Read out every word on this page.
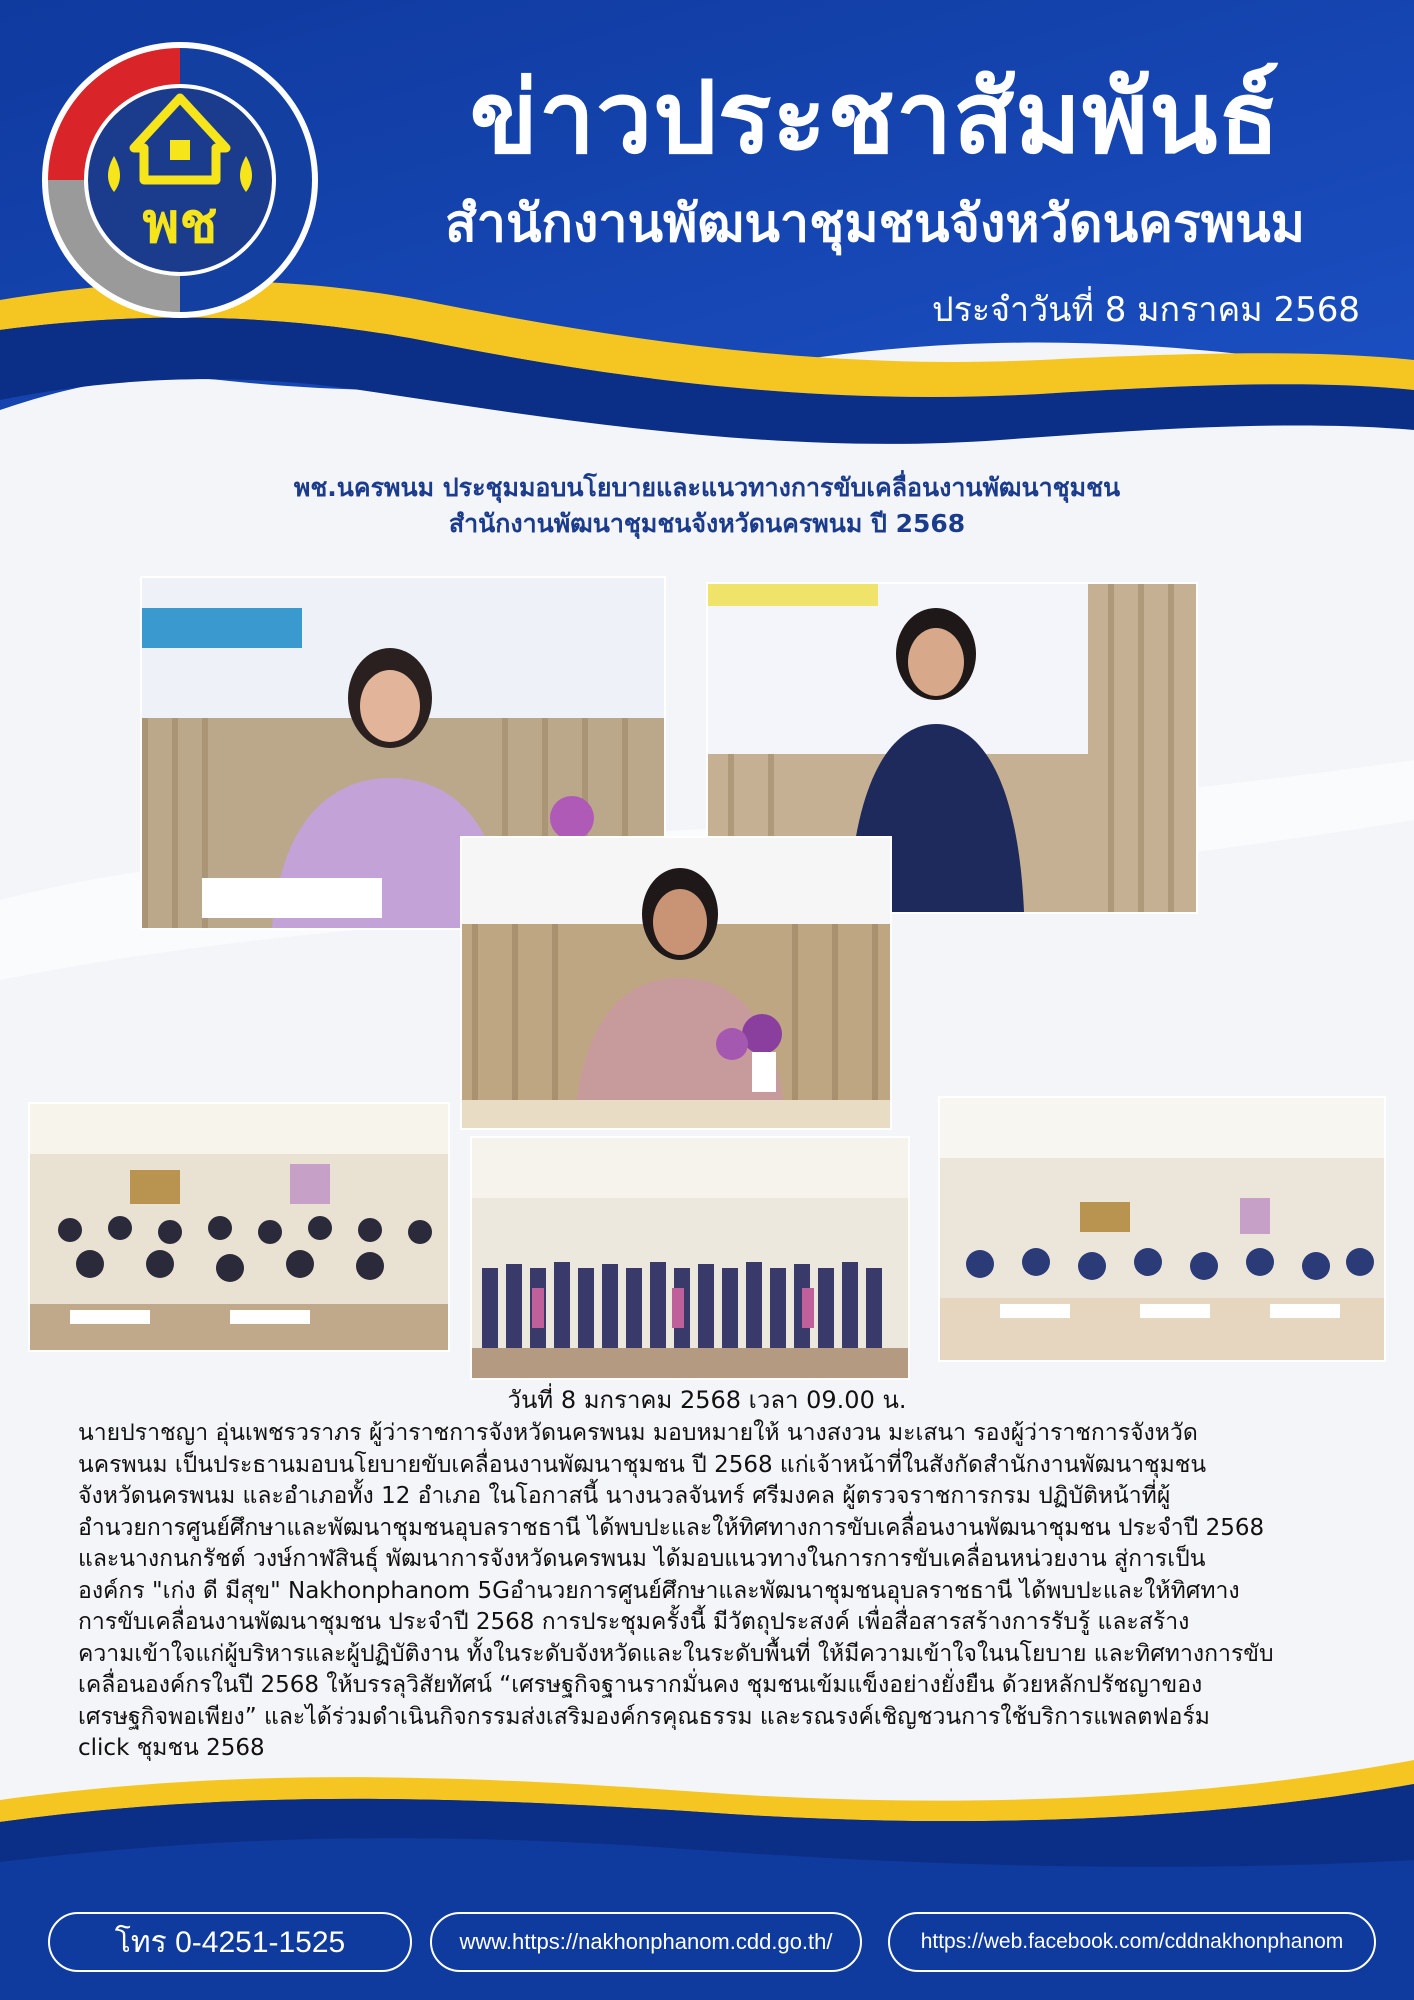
พช
ข่าวประชาสัมพันธ์
สำนักงานพัฒนาชุมชนจังหวัดนครพนม
ประจำวันที่ 8 มกราคม 2568
พช.นครพนม ประชุมมอบนโยบายและแนวทางการขับเคลื่อนงานพัฒนาชุมชน
สำนักงานพัฒนาชุมชนจังหวัดนครพนม ปี 2568
วันที่ 8 มกราคม 2568 เวลา 09.00 น.
นายปราชญา อุ่นเพชรวราภร ผู้ว่าราชการจังหวัดนครพนม มอบหมายให้ นางสงวน มะเสนา รองผู้ว่าราชการจังหวัด
นครพนม เป็นประธานมอบนโยบายขับเคลื่อนงานพัฒนาชุมชน ปี 2568 แก่เจ้าหน้าที่ในสังกัดสำนักงานพัฒนาชุมชน
จังหวัดนครพนม และอำเภอทั้ง 12 อำเภอ ในโอกาสนี้ นางนวลจันทร์ ศรีมงคล ผู้ตรวจราชการกรม ปฏิบัติหน้าที่ผู้
อำนวยการศูนย์ศึกษาและพัฒนาชุมชนอุบลราชธานี ได้พบปะและให้ทิศทางการขับเคลื่อนงานพัฒนาชุมชน ประจำปี 2568
และนางกนกรัชต์ วงษ์กาฬสินธุ์ พัฒนาการจังหวัดนครพนม ได้มอบแนวทางในการการขับเคลื่อนหน่วยงาน สู่การเป็น
องค์กร "เก่ง ดี มีสุข" Nakhonphanom 5Gอำนวยการศูนย์ศึกษาและพัฒนาชุมชนอุบลราชธานี ได้พบปะและให้ทิศทาง
การขับเคลื่อนงานพัฒนาชุมชน ประจำปี 2568 การประชุมครั้งนี้ มีวัตถุประสงค์ เพื่อสื่อสารสร้างการรับรู้ และสร้าง
ความเข้าใจแก่ผู้บริหารและผู้ปฏิบัติงาน ทั้งในระดับจังหวัดและในระดับพื้นที่ ให้มีความเข้าใจในนโยบาย และทิศทางการขับ
เคลื่อนองค์กรในปี 2568 ให้บรรลุวิสัยทัศน์ “เศรษฐกิจฐานรากมั่นคง ชุมชนเข้มแข็งอย่างยั่งยืน ด้วยหลักปรัชญาของ
เศรษฐกิจพอเพียง” และได้ร่วมดำเนินกิจกรรมส่งเสริมองค์กรคุณธรรม และรณรงค์เชิญชวนการใช้บริการแพลตฟอร์ม
click ชุมชน 2568
โทร 0-4251-1525	www.https://nakhonphanom.cdd.go.th/	https://web.facebook.com/cddnakhonphanom
